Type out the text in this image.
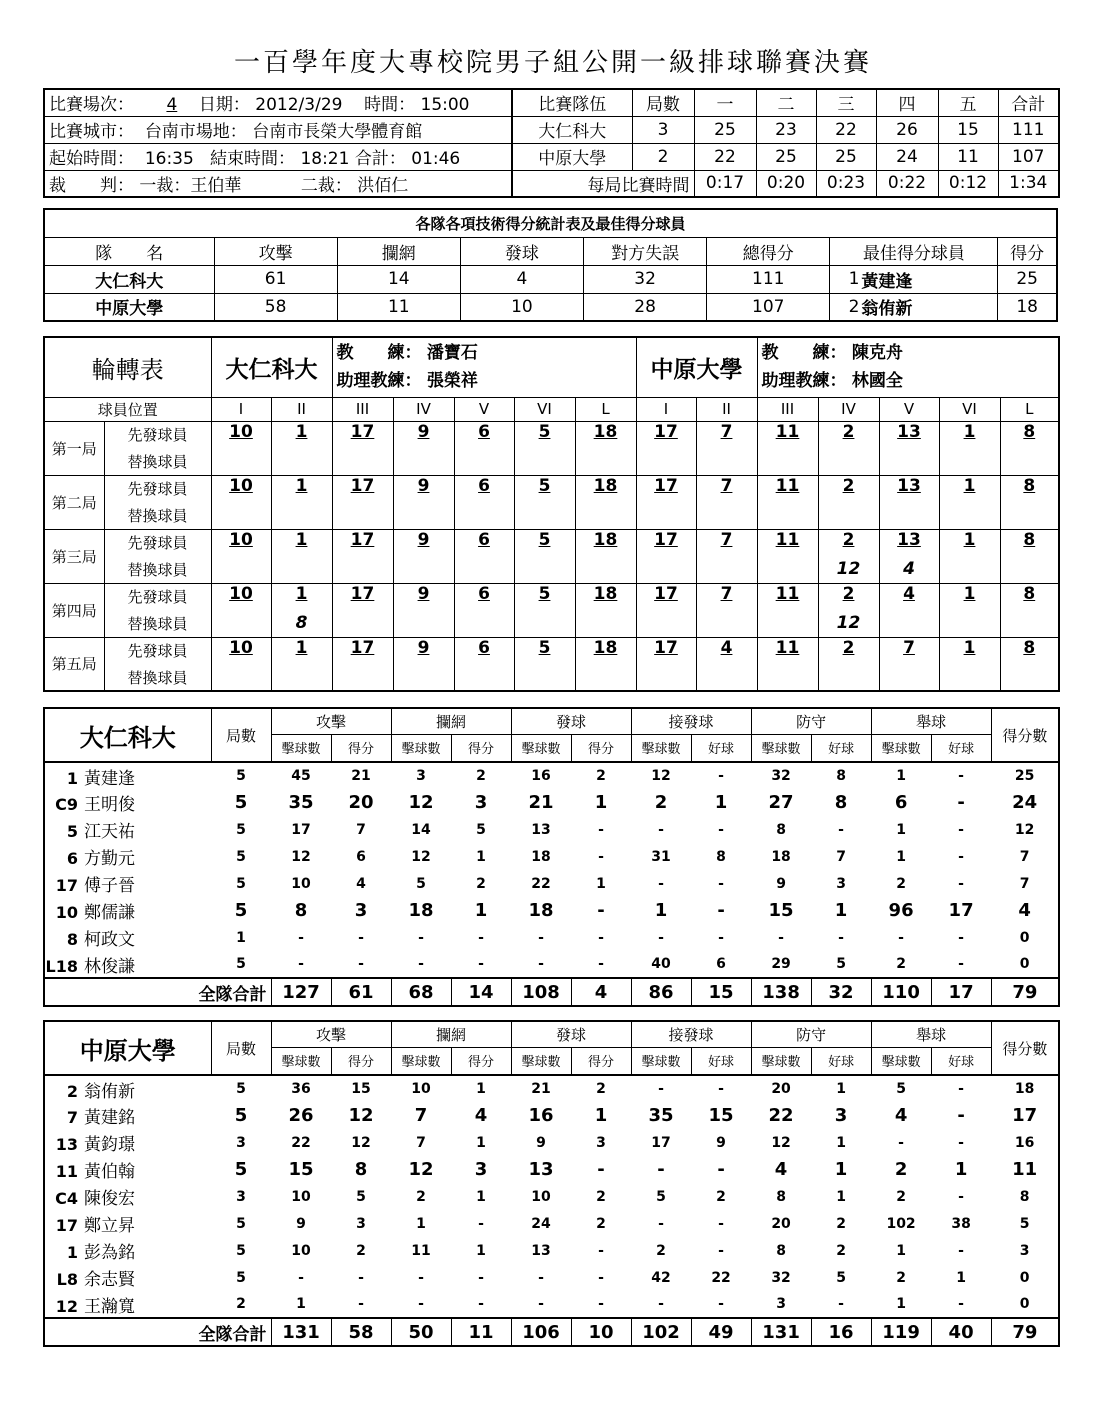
一百學年度大專校院男子組公開一級排球聯賽決賽
比賽場次： 4 日期： 2012/3/29 時間： 15:00	比賽隊伍	局數	一	二	三	四	五	合計
比賽城市： 台南市場地： 台南市長榮大學體育館	大仁科大	3	25	23	22	26	15	111
起始時間： 16:35 結束時間： 18:21 合計： 01:46	中原大學	2	22	25	25	24	11	107
裁　　判： 一裁：王伯華 二裁： 洪佰仁	每局比賽時間		0:17	0:20	0:23	0:22	0:12	1:34
各隊各項技術得分統計表及最佳得分球員								
隊　　名	攻擊	攔網	發球	對方失誤	總得分	最佳得分球員		得分
大仁科大	61	14	4	32	111	1	黃建逢	25
中原大學	58	11	10	28	107	2	翁侑新	18
輪轉表		大仁科大		教　　練： 潘寶石
助理教練： 張榮祥					中原大學		教　　練： 陳克舟
助理教練： 林國全				
球員位置		I	II	III	IV	V	VI	L	I	II	III	IV	V	VI	L
第一局	先發球員	10	1	17	9	6	5	18	17	7	11	2	13	1	8
	替換球員														
第二局	先發球員	10	1	17	9	6	5	18	17	7	11	2	13	1	8
	替換球員														
第三局	先發球員	10	1	17	9	6	5	18	17	7	11	2	13	1	8
	替換球員											12	4		
第四局	先發球員	10	1	17	9	6	5	18	17	7	11	2	4	1	8
	替換球員		8									12			
第五局	先發球員	10	1	17	9	6	5	18	17	4	11	2	7	1	8
	替換球員														
大仁科大	局數	攻擊		攔網		發球		接發球		防守		舉球		得分數
		擊球數	得分	擊球數	得分	擊球數	得分	擊球數	好球	擊球數	好球	擊球數	好球	
1 黃建逢	5	45	21	3	2	16	2	12	-	32	8	1	-	25
C9 王明俊	5	35	20	12	3	21	1	2	1	27	8	6	-	24
5 江天祐	5	17	7	14	5	13	-	-	-	8	-	1	-	12
6 方勤元	5	12	6	12	1	18	-	31	8	18	7	1	-	7
17 傅子晉	5	10	4	5	2	22	1	-	-	9	3	2	-	7
10 鄭儒謙	5	8	3	18	1	18	-	1	-	15	1	96	17	4
8 柯政文	1	-	-	-	-	-	-	-	-	-	-	-	-	0
L18 林俊謙	5	-	-	-	-	-	-	40	6	29	5	2	-	0
全隊合計		127	61	68	14	108	4	86	15	138	32	110	17	79
中原大學	局數	攻擊		攔網		發球		接發球		防守		舉球		得分數
		擊球數	得分	擊球數	得分	擊球數	得分	擊球數	好球	擊球數	好球	擊球數	好球	
2 翁侑新	5	36	15	10	1	21	2	-	-	20	1	5	-	18
7 黃建銘	5	26	12	7	4	16	1	35	15	22	3	4	-	17
13 黃鈞璟	3	22	12	7	1	9	3	17	9	12	1	-	-	16
11 黃伯翰	5	15	8	12	3	13	-	-	-	4	1	2	1	11
C4 陳俊宏	3	10	5	2	1	10	2	5	2	8	1	2	-	8
17 鄭立昇	5	9	3	1	-	24	2	-	-	20	2	102	38	5
1 彭為銘	5	10	2	11	1	13	-	2	-	8	2	1	-	3
L8 余志賢	5	-	-	-	-	-	-	42	22	32	5	2	1	0
12 王瀚寬	2	1	-	-	-	-	-	-	-	3	-	1	-	0
全隊合計		131	58	50	11	106	10	102	49	131	16	119	40	79
